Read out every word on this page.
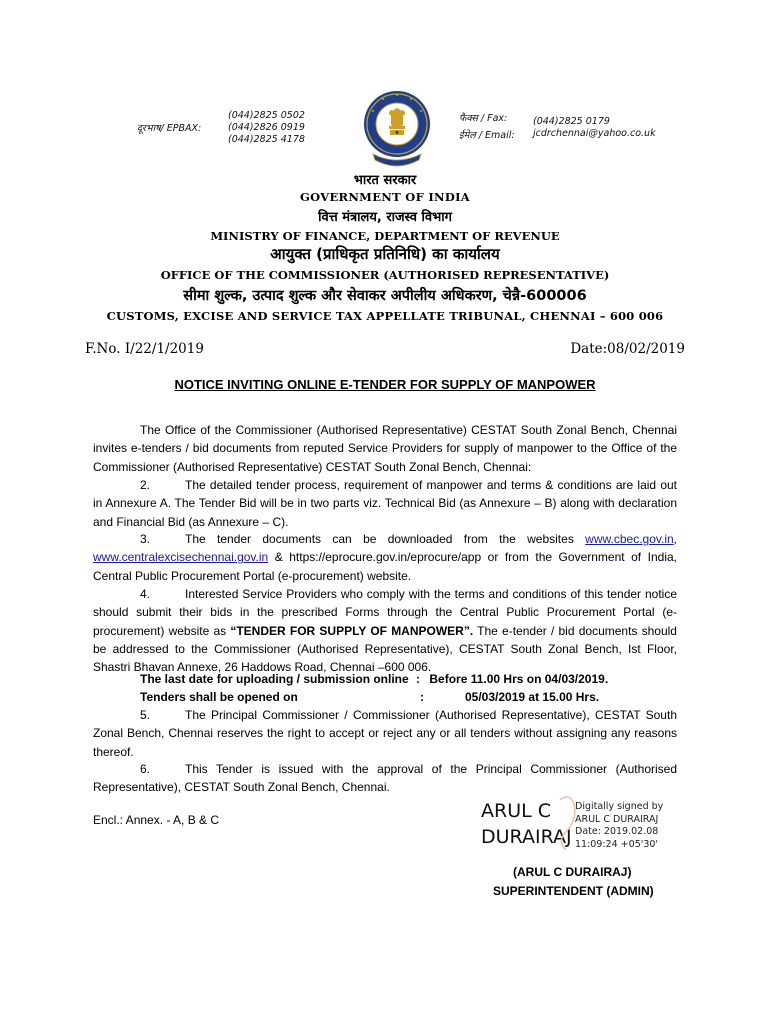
दूरभाष/ EPBAX:
(044)2825 0502
(044)2826 0919
(044)2825 4178
फैक्स / Fax:
ईमेल / Email:
(044)2825 0179
jcdrchennai@yahoo.co.uk
भारत सरकार
GOVERNMENT OF INDIA
वित्त मंत्रालय, राजस्व विभाग
MINISTRY OF FINANCE, DEPARTMENT OF REVENUE
आयुक्त (प्राधिकृत प्रतिनिधि) का कार्यालय
OFFICE OF THE COMMISSIONER (AUTHORISED REPRESENTATIVE)
सीमा शुल्क, उत्पाद शुल्क और सेवाकर अपीलीय अधिकरण, चेन्नै-600006
CUSTOMS, EXCISE AND SERVICE TAX APPELLATE TRIBUNAL, CHENNAI – 600 006
F.No. I/22/1/2019	Date:08/02/2019
NOTICE INVITING ONLINE E-TENDER FOR SUPPLY OF MANPOWER
The Office of the Commissioner (Authorised Representative) CESTAT South Zonal Bench, Chennai invites e-tenders / bid documents from reputed Service Providers for supply of manpower to the Office of the Commissioner (Authorised Representative) CESTAT South Zonal Bench, Chennai:
2.	The detailed tender process, requirement of manpower and terms & conditions are laid out in Annexure A. The Tender Bid will be in two parts viz. Technical Bid (as Annexure – B) along with declaration and Financial Bid (as Annexure – C).
3.	The tender documents can be downloaded from the websites www.cbec.gov.in, www.centralexcisechennai.gov.in & https://eprocure.gov.in/eprocure/app or from the Government of India, Central Public Procurement Portal (e-procurement) website.
4.	Interested Service Providers who comply with the terms and conditions of this tender notice should submit their bids in the prescribed Forms through the Central Public Procurement Portal (e-procurement) website as “TENDER FOR SUPPLY OF MANPOWER”. The e-tender / bid documents should be addressed to the Commissioner (Authorised Representative), CESTAT South Zonal Bench, Ist Floor, Shastri Bhavan Annexe, 26 Haddows Road, Chennai –600 006.
The last date for uploading / submission online : Before 11.00 Hrs on 04/03/2019.
Tenders shall be opened on	:	05/03/2019 at 15.00 Hrs.
5.	The Principal Commissioner / Commissioner (Authorised Representative), CESTAT South Zonal Bench, Chennai reserves the right to accept or reject any or all tenders without assigning any reasons thereof.
6.	This Tender is issued with the approval of the Principal Commissioner (Authorised Representative), CESTAT South Zonal Bench, Chennai.
Encl.: Annex. - A, B & C	ARUL C
DURAIRAJ
Digitally signed by
ARUL C DURAIRAJ
Date: 2019.02.08
11:09:24 +05'30'
(ARUL C DURAIRAJ)
SUPERINTENDENT (ADMIN)
